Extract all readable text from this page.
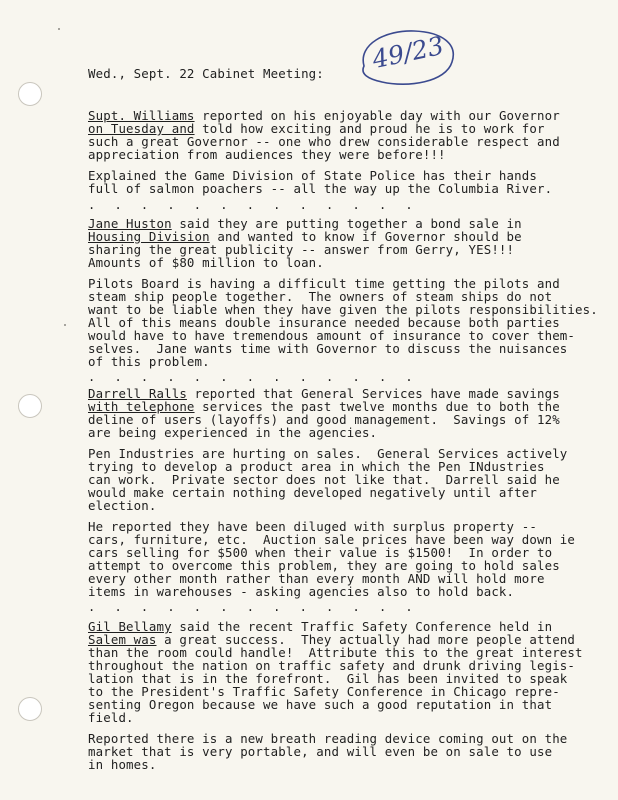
49/23
Wed., Sept. 22 Cabinet Meeting:
Supt. Williams reported on his enjoyable day with our Governor
on Tuesday and told how exciting and proud he is to work for
such a great Governor -- one who drew considerable respect and
appreciation from audiences they were before!!!
Explained the Game Division of State Police has their hands
full of salmon poachers -- all the way up the Columbia River.
. . . . . . . . . . . . .
Jane Huston said they are putting together a bond sale in
Housing Division and wanted to know if Governor should be
sharing the great publicity -- answer from Gerry, YES!!!
Amounts of $80 million to loan.
Pilots Board is having a difficult time getting the pilots and
steam ship people together.  The owners of steam ships do not
want to be liable when they have given the pilots responsibilities.
All of this means double insurance needed because both parties
would have to have tremendous amount of insurance to cover them-
selves.  Jane wants time with Governor to discuss the nuisances
of this problem.
. . . . . . . . . . . . .
Darrell Ralls reported that General Services have made savings
with telephone services the past twelve months due to both the
deline of users (layoffs) and good management.  Savings of 12%
are being experienced in the agencies.
Pen Industries are hurting on sales.  General Services actively
trying to develop a product area in which the Pen INdustries
can work.  Private sector does not like that.  Darrell said he
would make certain nothing developed negatively until after
election.
He reported they have been diluged with surplus property --
cars, furniture, etc.  Auction sale prices have been way down ie
cars selling for $500 when their value is $1500!  In order to
attempt to overcome this problem, they are going to hold sales
every other month rather than every month AND will hold more
items in warehouses - asking agencies also to hold back.
. . . . . . . . . . . . .
Gil Bellamy said the recent Traffic Safety Conference held in
Salem was a great success.  They actually had more people attend
than the room could handle!  Attribute this to the great interest
throughout the nation on traffic safety and drunk driving legis-
lation that is in the forefront.  Gil has been invited to speak
to the President's Traffic Safety Conference in Chicago repre-
senting Oregon because we have such a good reputation in that
field.
Reported there is a new breath reading device coming out on the
market that is very portable, and will even be on sale to use
in homes.
